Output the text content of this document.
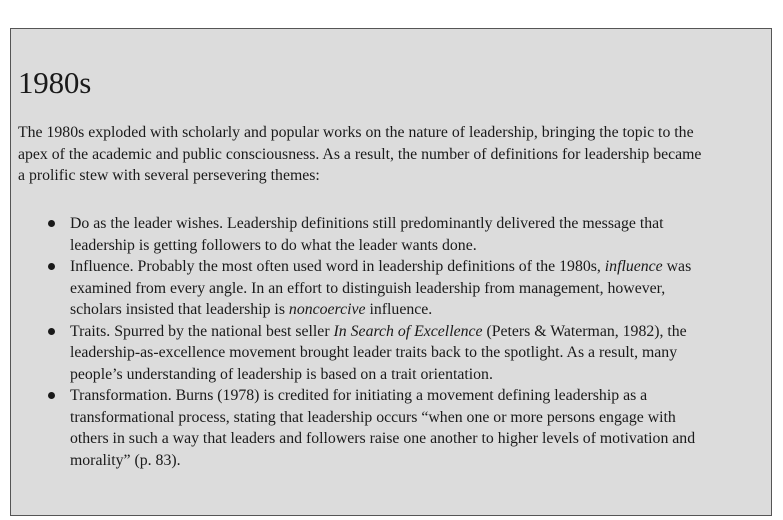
1980s

The 1980s exploded with scholarly and popular works on the nature of leadership, bringing the topic to the
apex of the academic and public consciousness. As a result, the number of definitions for leadership became
a prolific stew with several persevering themes:

Do as the leader wishes. Leadership definitions still predominantly delivered the message that
leadership is getting followers to do what the leader wants done.
Influence. Probably the most often used word in leadership definitions of the 1980s, influence was
examined from every angle. In an effort to distinguish leadership from management, however,
scholars insisted that leadership is noncoercive influence.
Traits. Spurred by the national best seller In Search of Excellence (Peters & Waterman, 1982), the
leadership-as-excellence movement brought leader traits back to the spotlight. As a result, many
people’s understanding of leadership is based on a trait orientation.
Transformation. Burns (1978) is credited for initiating a movement defining leadership as a
transformational process, stating that leadership occurs “when one or more persons engage with
others in such a way that leaders and followers raise one another to higher levels of motivation and
morality” (p. 83).
